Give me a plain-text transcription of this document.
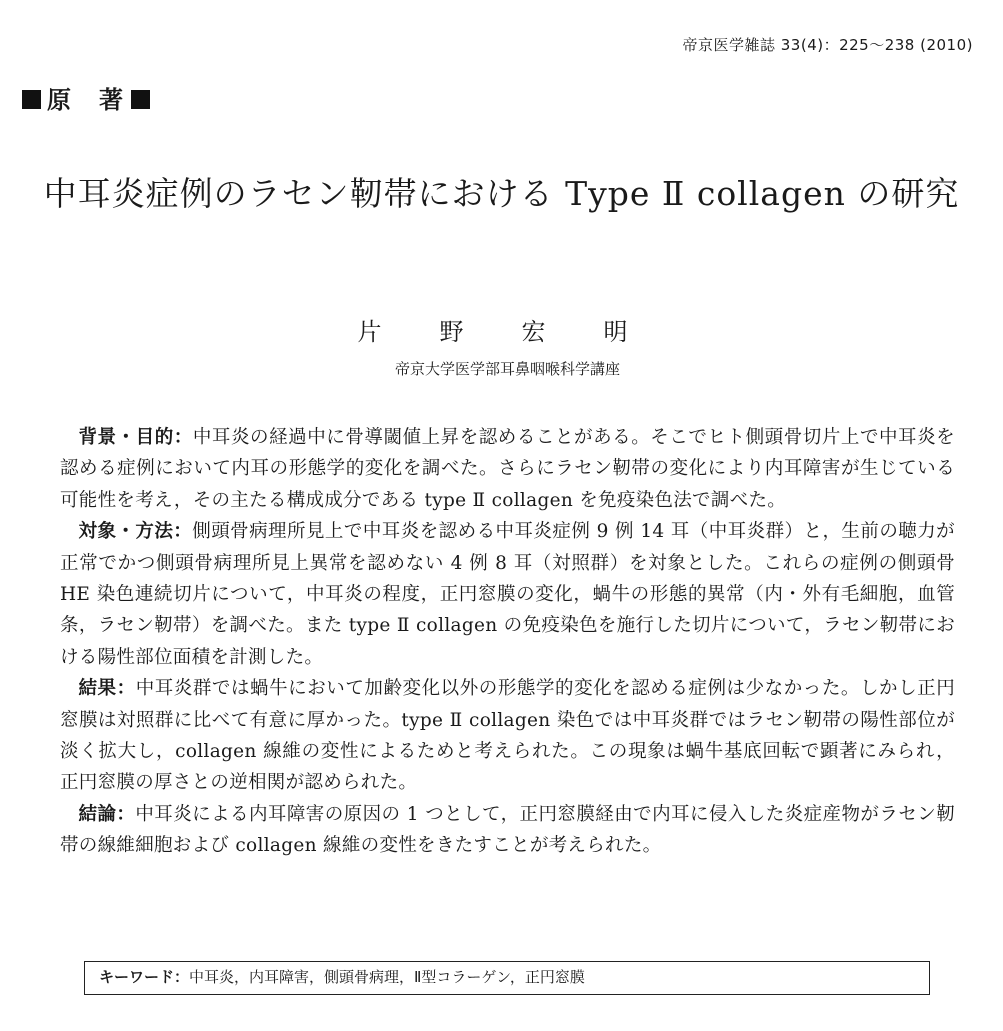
帝京医学雑誌 33(4)：225〜238 (2010)
原　著
中耳炎症例のラセン靭帯における Type Ⅱ collagen の研究
片野宏明
帝京大学医学部耳鼻咽喉科学講座

背景・目的：中耳炎の経過中に骨導閾値上昇を認めることがある。そこでヒト側頭骨切片上で中耳炎を認める症例において内耳の形態学的変化を調べた。さらにラセン靭帯の変化により内耳障害が生じている可能性を考え，その主たる構成成分である type Ⅱ collagen を免疫染色法で調べた。

対象・方法：側頭骨病理所見上で中耳炎を認める中耳炎症例 9 例 14 耳（中耳炎群）と，生前の聴力が正常でかつ側頭骨病理所見上異常を認めない 4 例 8 耳（対照群）を対象とした。これらの症例の側頭骨 HE 染色連続切片について，中耳炎の程度，正円窓膜の変化，蝸牛の形態的異常（内・外有毛細胞，血管条，ラセン靭帯）を調べた。また type Ⅱ collagen の免疫染色を施行した切片について，ラセン靭帯における陽性部位面積を計測した。

結果：中耳炎群では蝸牛において加齢変化以外の形態学的変化を認める症例は少なかった。しかし正円窓膜は対照群に比べて有意に厚かった。type Ⅱ collagen 染色では中耳炎群ではラセン靭帯の陽性部位が淡く拡大し，collagen 線維の変性によるためと考えられた。この現象は蝸牛基底回転で顕著にみられ，正円窓膜の厚さとの逆相関が認められた。

結論：中耳炎による内耳障害の原因の 1 つとして，正円窓膜経由で内耳に侵入した炎症産物がラセン靭帯の線維細胞および collagen 線維の変性をきたすことが考えられた。

キーワード：中耳炎，内耳障害，側頭骨病理，Ⅱ型コラーゲン，正円窓膜
